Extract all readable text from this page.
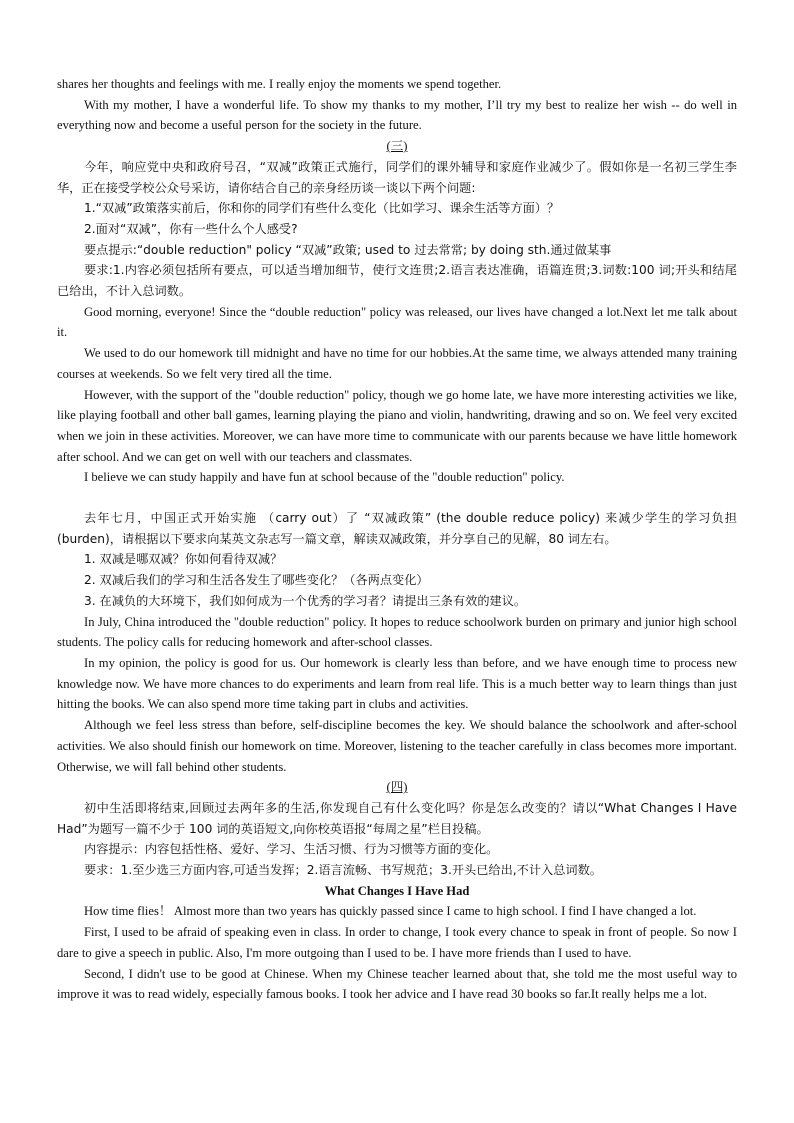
shares her thoughts and feelings with me. I really enjoy the moments we spend together.

With my mother, I have a wonderful life. To show my thanks to my mother, I’ll try my best to realize her wish -- do well in everything now and become a useful person for the society in the future.

(三)

今年，响应党中央和政府号召，“双减”政策正式施行，同学们的课外辅导和家庭作业减少了。假如你是一名初三学生李华，正在接受学校公众号采访，请你结合自己的亲身经历谈一谈以下两个问题:

1.“双减”政策落实前后，你和你的同学们有些什么变化（比如学习、课余生活等方面）？

2.面对“双减”，你有一些什么个人感受?

要点提示:“double reduction" policy “双减”政策; used to 过去常常; by doing sth.通过做某事

要求:1.内容必须包括所有要点，可以适当增加细节，使行文连贯;2.语言表达准确，语篇连贯;3.词数:100 词;开头和结尾已给出，不计入总词数。

Good morning, everyone! Since the “double reduction" policy was released, our lives have changed a lot.Next let me talk about it.

We used to do our homework till midnight and have no time for our hobbies.At the same time, we always attended many training courses at weekends. So we felt very tired all the time.

However, with the support of the "double reduction" policy, though we go home late, we have more interesting activities we like, like playing football and other ball games, learning playing the piano and violin, handwriting, drawing and so on. We feel very excited when we join in these activities. Moreover, we can have more time to communicate with our parents because we have little homework after school. And we can get on well with our teachers and classmates.

I believe we can study happily and have fun at school because of the "double reduction" policy.

去年七月，中国正式开始实施 （carry out）了 “双减政策” (the double reduce policy) 来减少学生的学习负担 (burden)，请根据以下要求向某英文杂志写一篇文章，解读双减政策，并分享自己的见解，80 词左右。

1. 双减是哪双减？你如何看待双减？

2. 双减后我们的学习和生活各发生了哪些变化？（各两点变化）

3. 在减负的大环境下，我们如何成为一个优秀的学习者？请提出三条有效的建议。

In July, China introduced the "double reduction" policy. It hopes to reduce schoolwork burden on primary and junior high school students. The policy calls for reducing homework and after-school classes.

In my opinion, the policy is good for us. Our homework is clearly less than before, and we have enough time to process new knowledge now. We have more chances to do experiments and learn from real life. This is a much better way to learn things than just hitting the books. We can also spend more time taking part in clubs and activities.

Although we feel less stress than before, self-discipline becomes the key. We should balance the schoolwork and after-school activities. We also should finish our homework on time. Moreover, listening to the teacher carefully in class becomes more important. Otherwise, we will fall behind other students.

(四)

初中生活即将结束,回顾过去两年多的生活,你发现自己有什么变化吗？你是怎么改变的？请以“What Changes I Have Had”为题写一篇不少于 100 词的英语短文,向你校英语报“每周之星”栏目投稿。

内容提示：内容包括性格、爱好、学习、生活习惯、行为习惯等方面的变化。

要求：1.至少选三方面内容,可适当发挥；2.语言流畅、书写规范；3.开头已给出,不计入总词数。

What Changes I Have Had

How time flies！ Almost more than two years has quickly passed since I came to high school. I find I have changed a lot.

First, I used to be afraid of speaking even in class. In order to change, I took every chance to speak in front of people. So now I dare to give a speech in public. Also, I'm more outgoing than I used to be. I have more friends than I used to have.

Second, I didn't use to be good at Chinese. When my Chinese teacher learned about that, she told me the most useful way to improve it was to read widely, especially famous books. I took her advice and I have read 30 books so far.It really helps me a lot.
